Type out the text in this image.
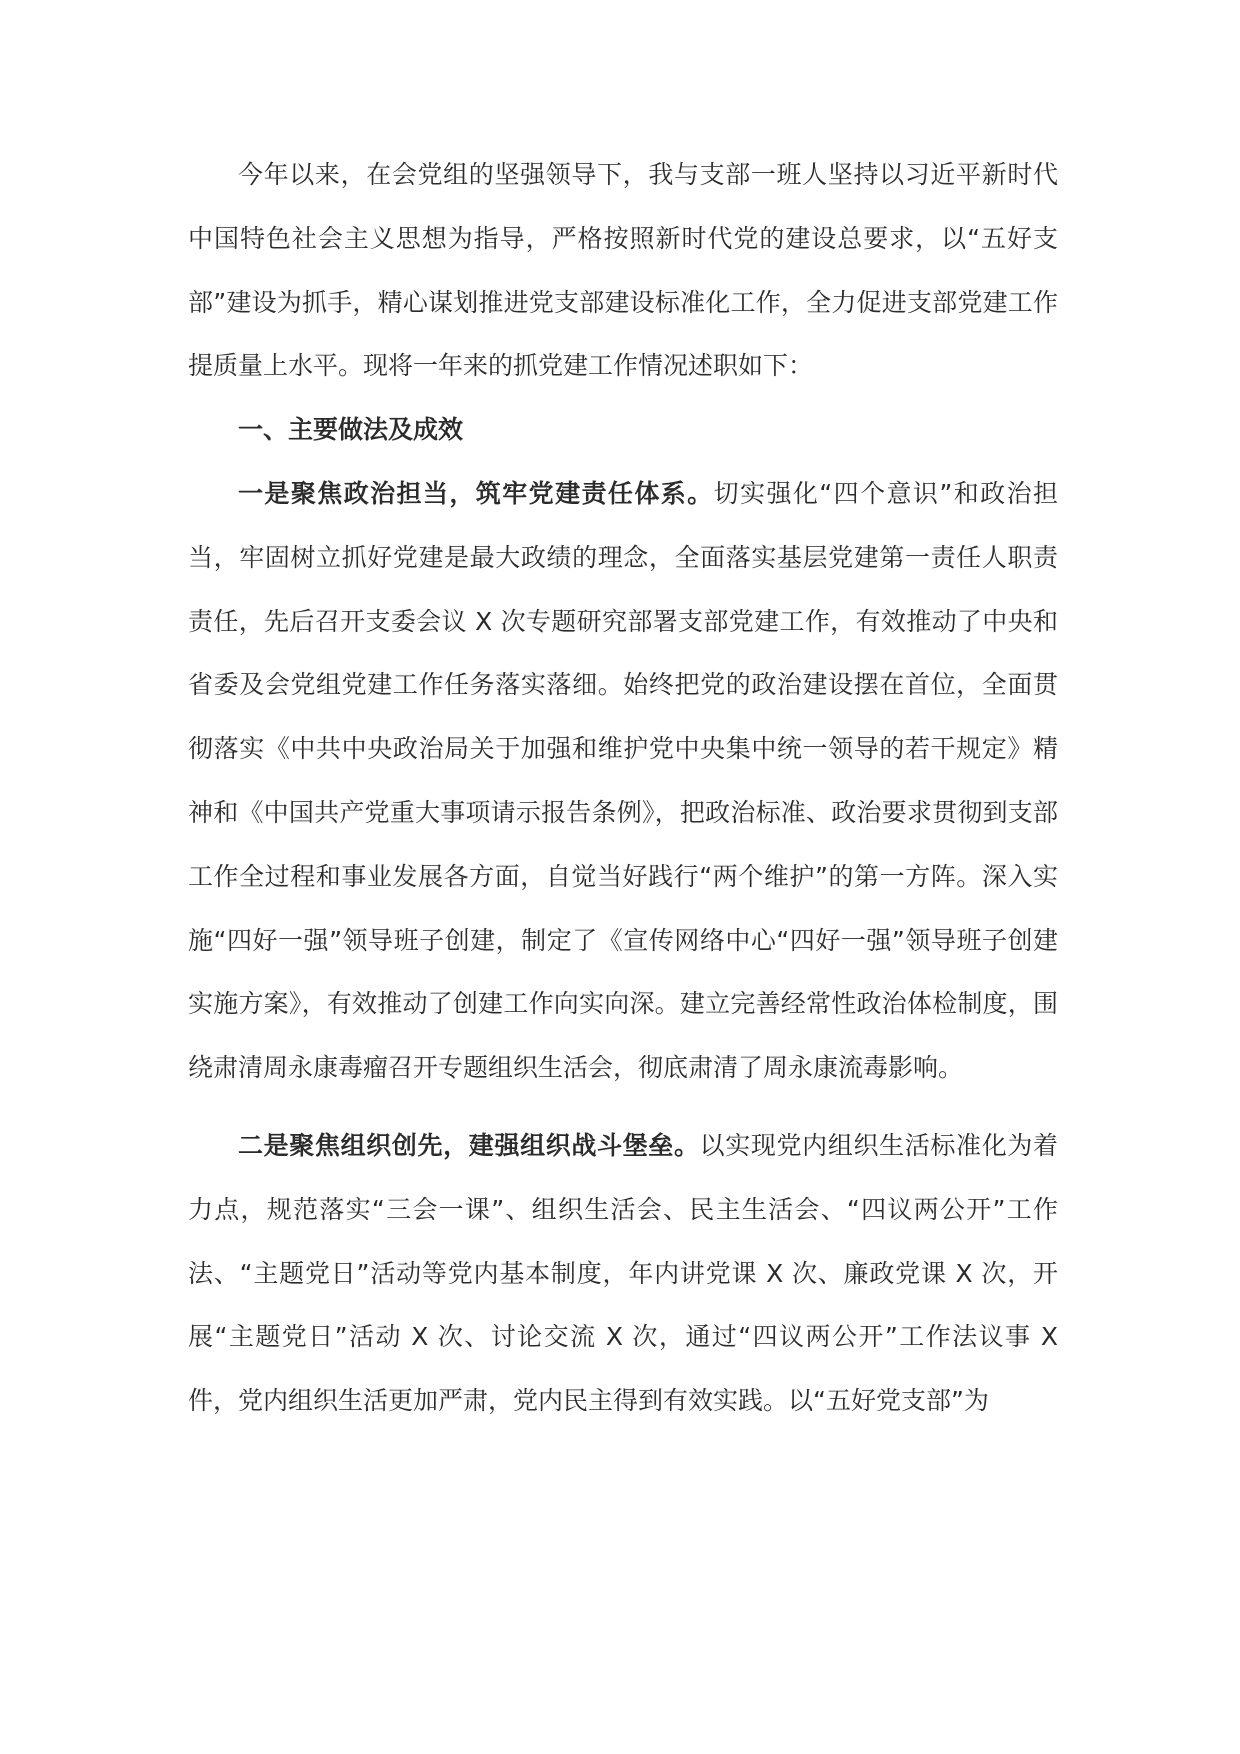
今年以来，在会党组的坚强领导下，我与支部一班人坚持以习近平新时代中国特色社会主义思想为指导，严格按照新时代党的建设总要求，以“五好支部”建设为抓手，精心谋划推进党支部建设标准化工作，全力促进支部党建工作提质量上水平。现将一年来的抓党建工作情况述职如下：

一、主要做法及成效

一是聚焦政治担当，筑牢党建责任体系。切实强化“四个意识”和政治担当，牢固树立抓好党建是最大政绩的理念，全面落实基层党建第一责任人职责责任，先后召开支委会议 X 次专题研究部署支部党建工作，有效推动了中央和省委及会党组党建工作任务落实落细。始终把党的政治建设摆在首位，全面贯彻落实《中共中央政治局关于加强和维护党中央集中统一领导的若干规定》精神和《中国共产党重大事项请示报告条例》，把政治标准、政治要求贯彻到支部工作全过程和事业发展各方面，自觉当好践行“两个维护”的第一方阵。深入实施“四好一强”领导班子创建，制定了《宣传网络中心“四好一强”领导班子创建实施方案》，有效推动了创建工作向实向深。建立完善经常性政治体检制度，围绕肃清周永康毒瘤召开专题组织生活会，彻底肃清了周永康流毒影响。

二是聚焦组织创先，建强组织战斗堡垒。以实现党内组织生活标准化为着力点，规范落实“三会一课”、组织生活会、民主生活会、“四议两公开”工作法、“主题党日”活动等党内基本制度，年内讲党课 X 次、廉政党课 X 次，开展“主题党日”活动 X 次、讨论交流 X 次，通过“四议两公开”工作法议事 X 件，党内组织生活更加严肃，党内民主得到有效实践。以“五好党支部”为
